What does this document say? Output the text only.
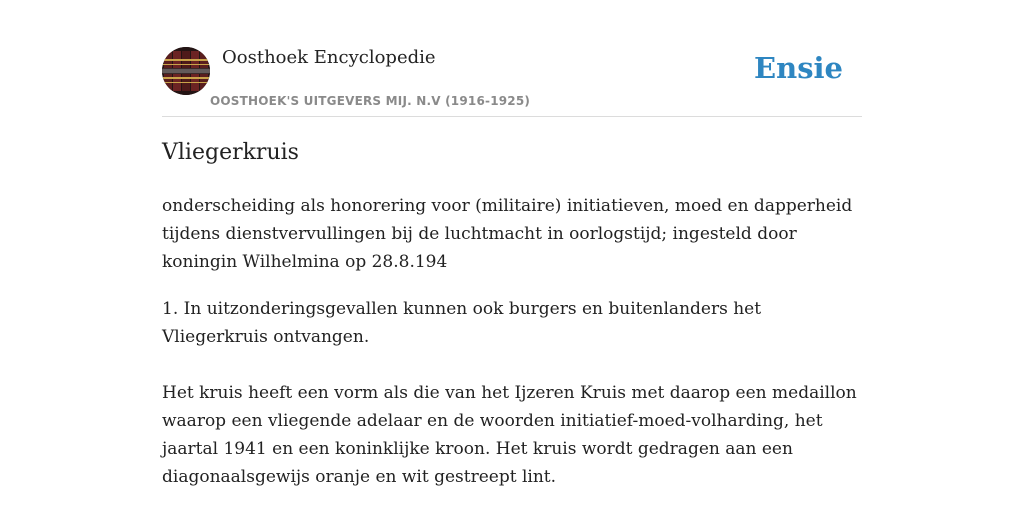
Oosthoek Encyclopedie
OOSTHOEK'S UITGEVERS MIJ. N.V (1916-1925)
Ensie
Vliegerkruis

onderscheiding als honorering voor (militaire) initiatieven, moed en dapperheid tijdens dienstvervullingen bij de luchtmacht in oorlogstijd; ingesteld door koningin Wilhelmina op 28.8.194

1. In uitzonderingsgevallen kunnen ook burgers en buitenlanders het Vliegerkruis ontvangen.

Het kruis heeft een vorm als die van het Ijzeren Kruis met daarop een medaillon waarop een vliegende adelaar en de woorden initiatief-moed-volharding, het jaartal 1941 en een koninklijke kroon. Het kruis wordt gedragen aan een diagonaalsgewijs oranje en wit gestreept lint.
